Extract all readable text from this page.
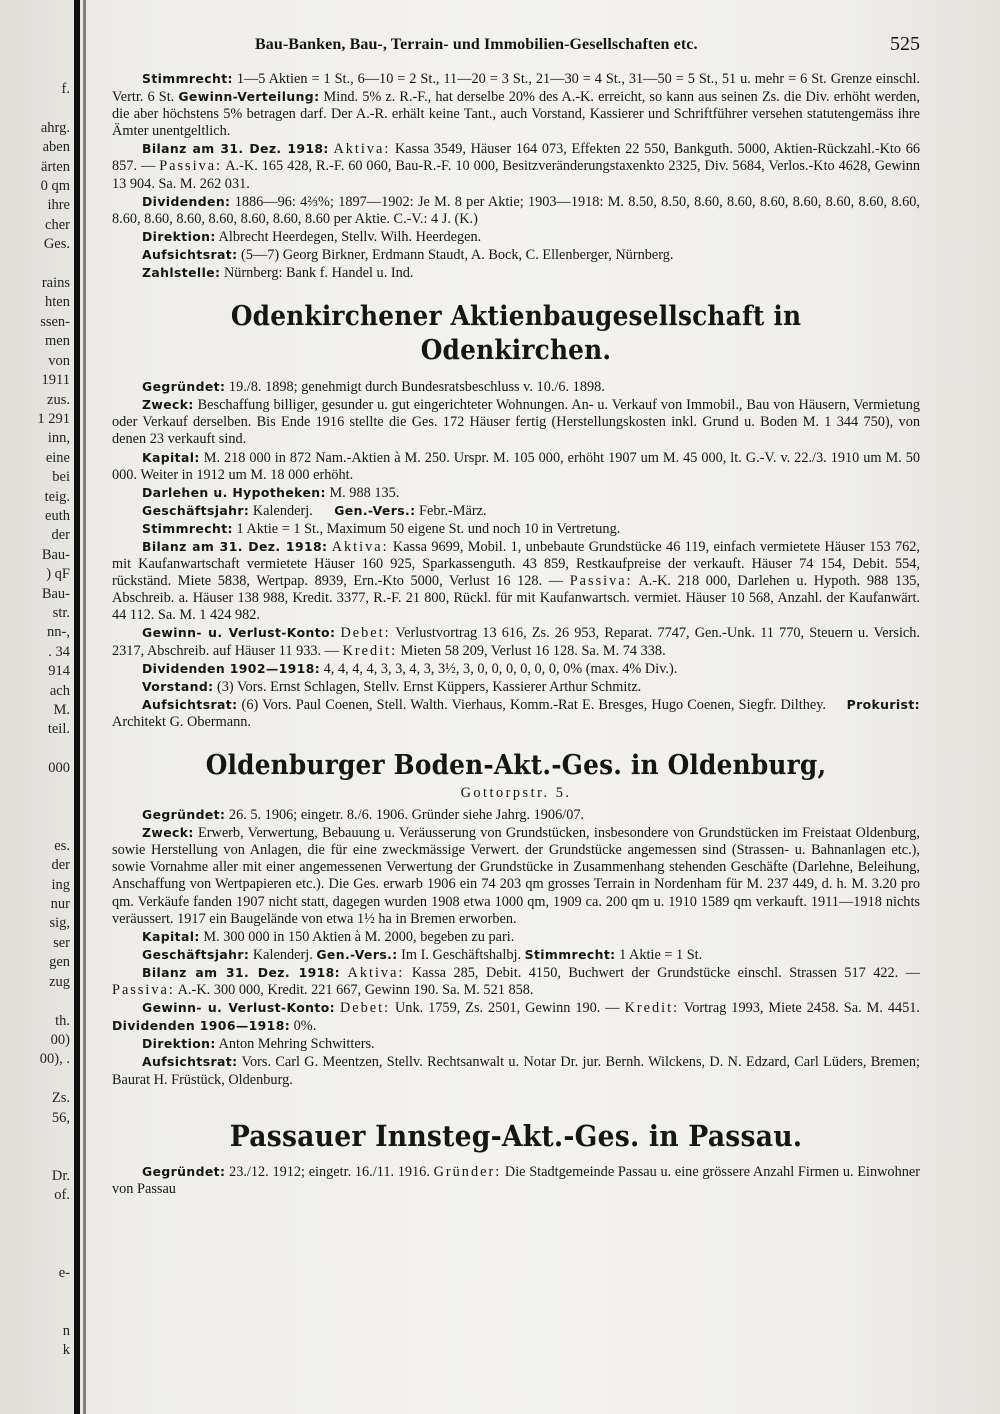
f.

ahrg.
aben
ärten
0 qm
ihre
cher
Ges.

rains
hten
ssen-
men
von
1911
zus.
1 291
inn,
eine
bei
teig.
euth
der
Bau-
) qF
Bau-
str.
nn-,
. 34
914
ach
M.
teil.

000

es.
der
ing
nur
sig,
ser
gen
zug

th.
00)
00), .

Zs.
56,

Dr.
of.

e-

n
k
Bau-Banken, Bau-, Terrain- und Immobilien-Gesellschaften etc.	525

Stimmrecht: 1—5 Aktien = 1 St., 6—10 = 2 St., 11—20 = 3 St., 21—30 = 4 St., 31—50 = 5 St., 51 u. mehr = 6 St. Grenze einschl. Vertr. 6 St. Gewinn-Verteilung: Mind. 5% z. R.-F., hat derselbe 20% des A.-K. erreicht, so kann aus seinen Zs. die Div. erhöht werden, die aber höchstens 5% betragen darf. Der A.-R. erhält keine Tant., auch Vorstand, Kassierer und Schriftführer versehen statutengemäss ihre Ämter unentgeltlich.

Bilanz am 31. Dez. 1918: Aktiva: Kassa 3549, Häuser 164 073, Effekten 22 550, Bankguth. 5000, Aktien-Rückzahl.-Kto 66 857. — Passiva: A.-K. 165 428, R.-F. 60 060, Bau-R.-F. 10 000, Besitzveränderungstaxenkto 2325, Div. 5684, Verlos.-Kto 4628, Gewinn 13 904. Sa. M. 262 031.

Dividenden: 1886—96: 4⅔%; 1897—1902: Je M. 8 per Aktie; 1903—1918: M. 8.50, 8.50, 8.60, 8.60, 8.60, 8.60, 8.60, 8.60, 8.60, 8.60, 8.60, 8.60, 8.60, 8.60, 8.60, 8.60 per Aktie. C.-V.: 4 J. (K.)

Direktion: Albrecht Heerdegen, Stellv. Wilh. Heerdegen.

Aufsichtsrat: (5—7) Georg Birkner, Erdmann Staudt, A. Bock, C. Ellenberger, Nürnberg.

Zahlstelle: Nürnberg: Bank f. Handel u. Ind.

Odenkirchener Aktienbaugesellschaft in Odenkirchen.

Gegründet: 19./8. 1898; genehmigt durch Bundesratsbeschluss v. 10./6. 1898.

Zweck: Beschaffung billiger, gesunder u. gut eingerichteter Wohnungen. An- u. Verkauf von Immobil., Bau von Häusern, Vermietung oder Verkauf derselben. Bis Ende 1916 stellte die Ges. 172 Häuser fertig (Herstellungskosten inkl. Grund u. Boden M. 1 344 750), von denen 23 verkauft sind.

Kapital: M. 218 000 in 872 Nam.-Aktien à M. 250. Urspr. M. 105 000, erhöht 1907 um M. 45 000, lt. G.-V. v. 22./3. 1910 um M. 50 000. Weiter in 1912 um M. 18 000 erhöht.

Darlehen u. Hypotheken: M. 988 135.

Geschäftsjahr: Kalenderj. Gen.-Vers.: Febr.-März.

Stimmrecht: 1 Aktie = 1 St., Maximum 50 eigene St. und noch 10 in Vertretung.

Bilanz am 31. Dez. 1918: Aktiva: Kassa 9699, Mobil. 1, unbebaute Grundstücke 46 119, einfach vermietete Häuser 153 762, mit Kaufanwartschaft vermietete Häuser 160 925, Sparkassenguth. 43 859, Restkaufpreise der verkauft. Häuser 74 154, Debit. 554, rückständ. Miete 5838, Wertpap. 8939, Ern.-Kto 5000, Verlust 16 128. — Passiva: A.-K. 218 000, Darlehen u. Hypoth. 988 135, Abschreib. a. Häuser 138 988, Kredit. 3377, R.-F. 21 800, Rückl. für mit Kaufanwartsch. vermiet. Häuser 10 568, Anzahl. der Kaufanwärt. 44 112. Sa. M. 1 424 982.

Gewinn- u. Verlust-Konto: Debet: Verlustvortrag 13 616, Zs. 26 953, Reparat. 7747, Gen.-Unk. 11 770, Steuern u. Versich. 2317, Abschreib. auf Häuser 11 933. — Kredit: Mieten 58 209, Verlust 16 128. Sa. M. 74 338.

Dividenden 1902—1918: 4, 4, 4, 4, 3, 3, 4, 3, 3½, 3, 0, 0, 0, 0, 0, 0, 0% (max. 4% Div.).

Vorstand: (3) Vors. Ernst Schlagen, Stellv. Ernst Küppers, Kassierer Arthur Schmitz.

Aufsichtsrat: (6) Vors. Paul Coenen, Stell. Walth. Vierhaus, Komm.-Rat E. Bresges, Hugo Coenen, Siegfr. Dilthey. Prokurist: Architekt G. Obermann.

Oldenburger Boden-Akt.-Ges. in Oldenburg,

Gottorpstr. 5.

Gegründet: 26. 5. 1906; eingetr. 8./6. 1906. Gründer siehe Jahrg. 1906/07.

Zweck: Erwerb, Verwertung, Bebauung u. Veräusserung von Grundstücken, insbesondere von Grundstücken im Freistaat Oldenburg, sowie Herstellung von Anlagen, die für eine zweckmässige Verwert. der Grundstücke angemessen sind (Strassen- u. Bahnanlagen etc.), sowie Vornahme aller mit einer angemessenen Verwertung der Grundstücke in Zusammenhang stehenden Geschäfte (Darlehne, Beleihung, Anschaffung von Wertpapieren etc.). Die Ges. erwarb 1906 ein 74 203 qm grosses Terrain in Nordenham für M. 237 449, d. h. M. 3.20 pro qm. Verkäufe fanden 1907 nicht statt, dagegen wurden 1908 etwa 1000 qm, 1909 ca. 200 qm u. 1910 1589 qm verkauft. 1911—1918 nichts veräussert. 1917 ein Baugelände von etwa 1½ ha in Bremen erworben.

Kapital: M. 300 000 in 150 Aktien à M. 2000, begeben zu pari.

Geschäftsjahr: Kalenderj. Gen.-Vers.: Im I. Geschäftshalbj. Stimmrecht: 1 Aktie = 1 St.

Bilanz am 31. Dez. 1918: Aktiva: Kassa 285, Debit. 4150, Buchwert der Grundstücke einschl. Strassen 517 422. — Passiva: A.-K. 300 000, Kredit. 221 667, Gewinn 190. Sa. M. 521 858.

Gewinn- u. Verlust-Konto: Debet: Unk. 1759, Zs. 2501, Gewinn 190. — Kredit: Vortrag 1993, Miete 2458. Sa. M. 4451. Dividenden 1906—1918: 0%.

Direktion: Anton Mehring Schwitters.

Aufsichtsrat: Vors. Carl G. Meentzen, Stellv. Rechtsanwalt u. Notar Dr. jur. Bernh. Wilckens, D. N. Edzard, Carl Lüders, Bremen; Baurat H. Früstück, Oldenburg.

Passauer Innsteg-Akt.-Ges. in Passau.

Gegründet: 23./12. 1912; eingetr. 16./11. 1916. Gründer: Die Stadtgemeinde Passau u. eine grössere Anzahl Firmen u. Einwohner von Passau
